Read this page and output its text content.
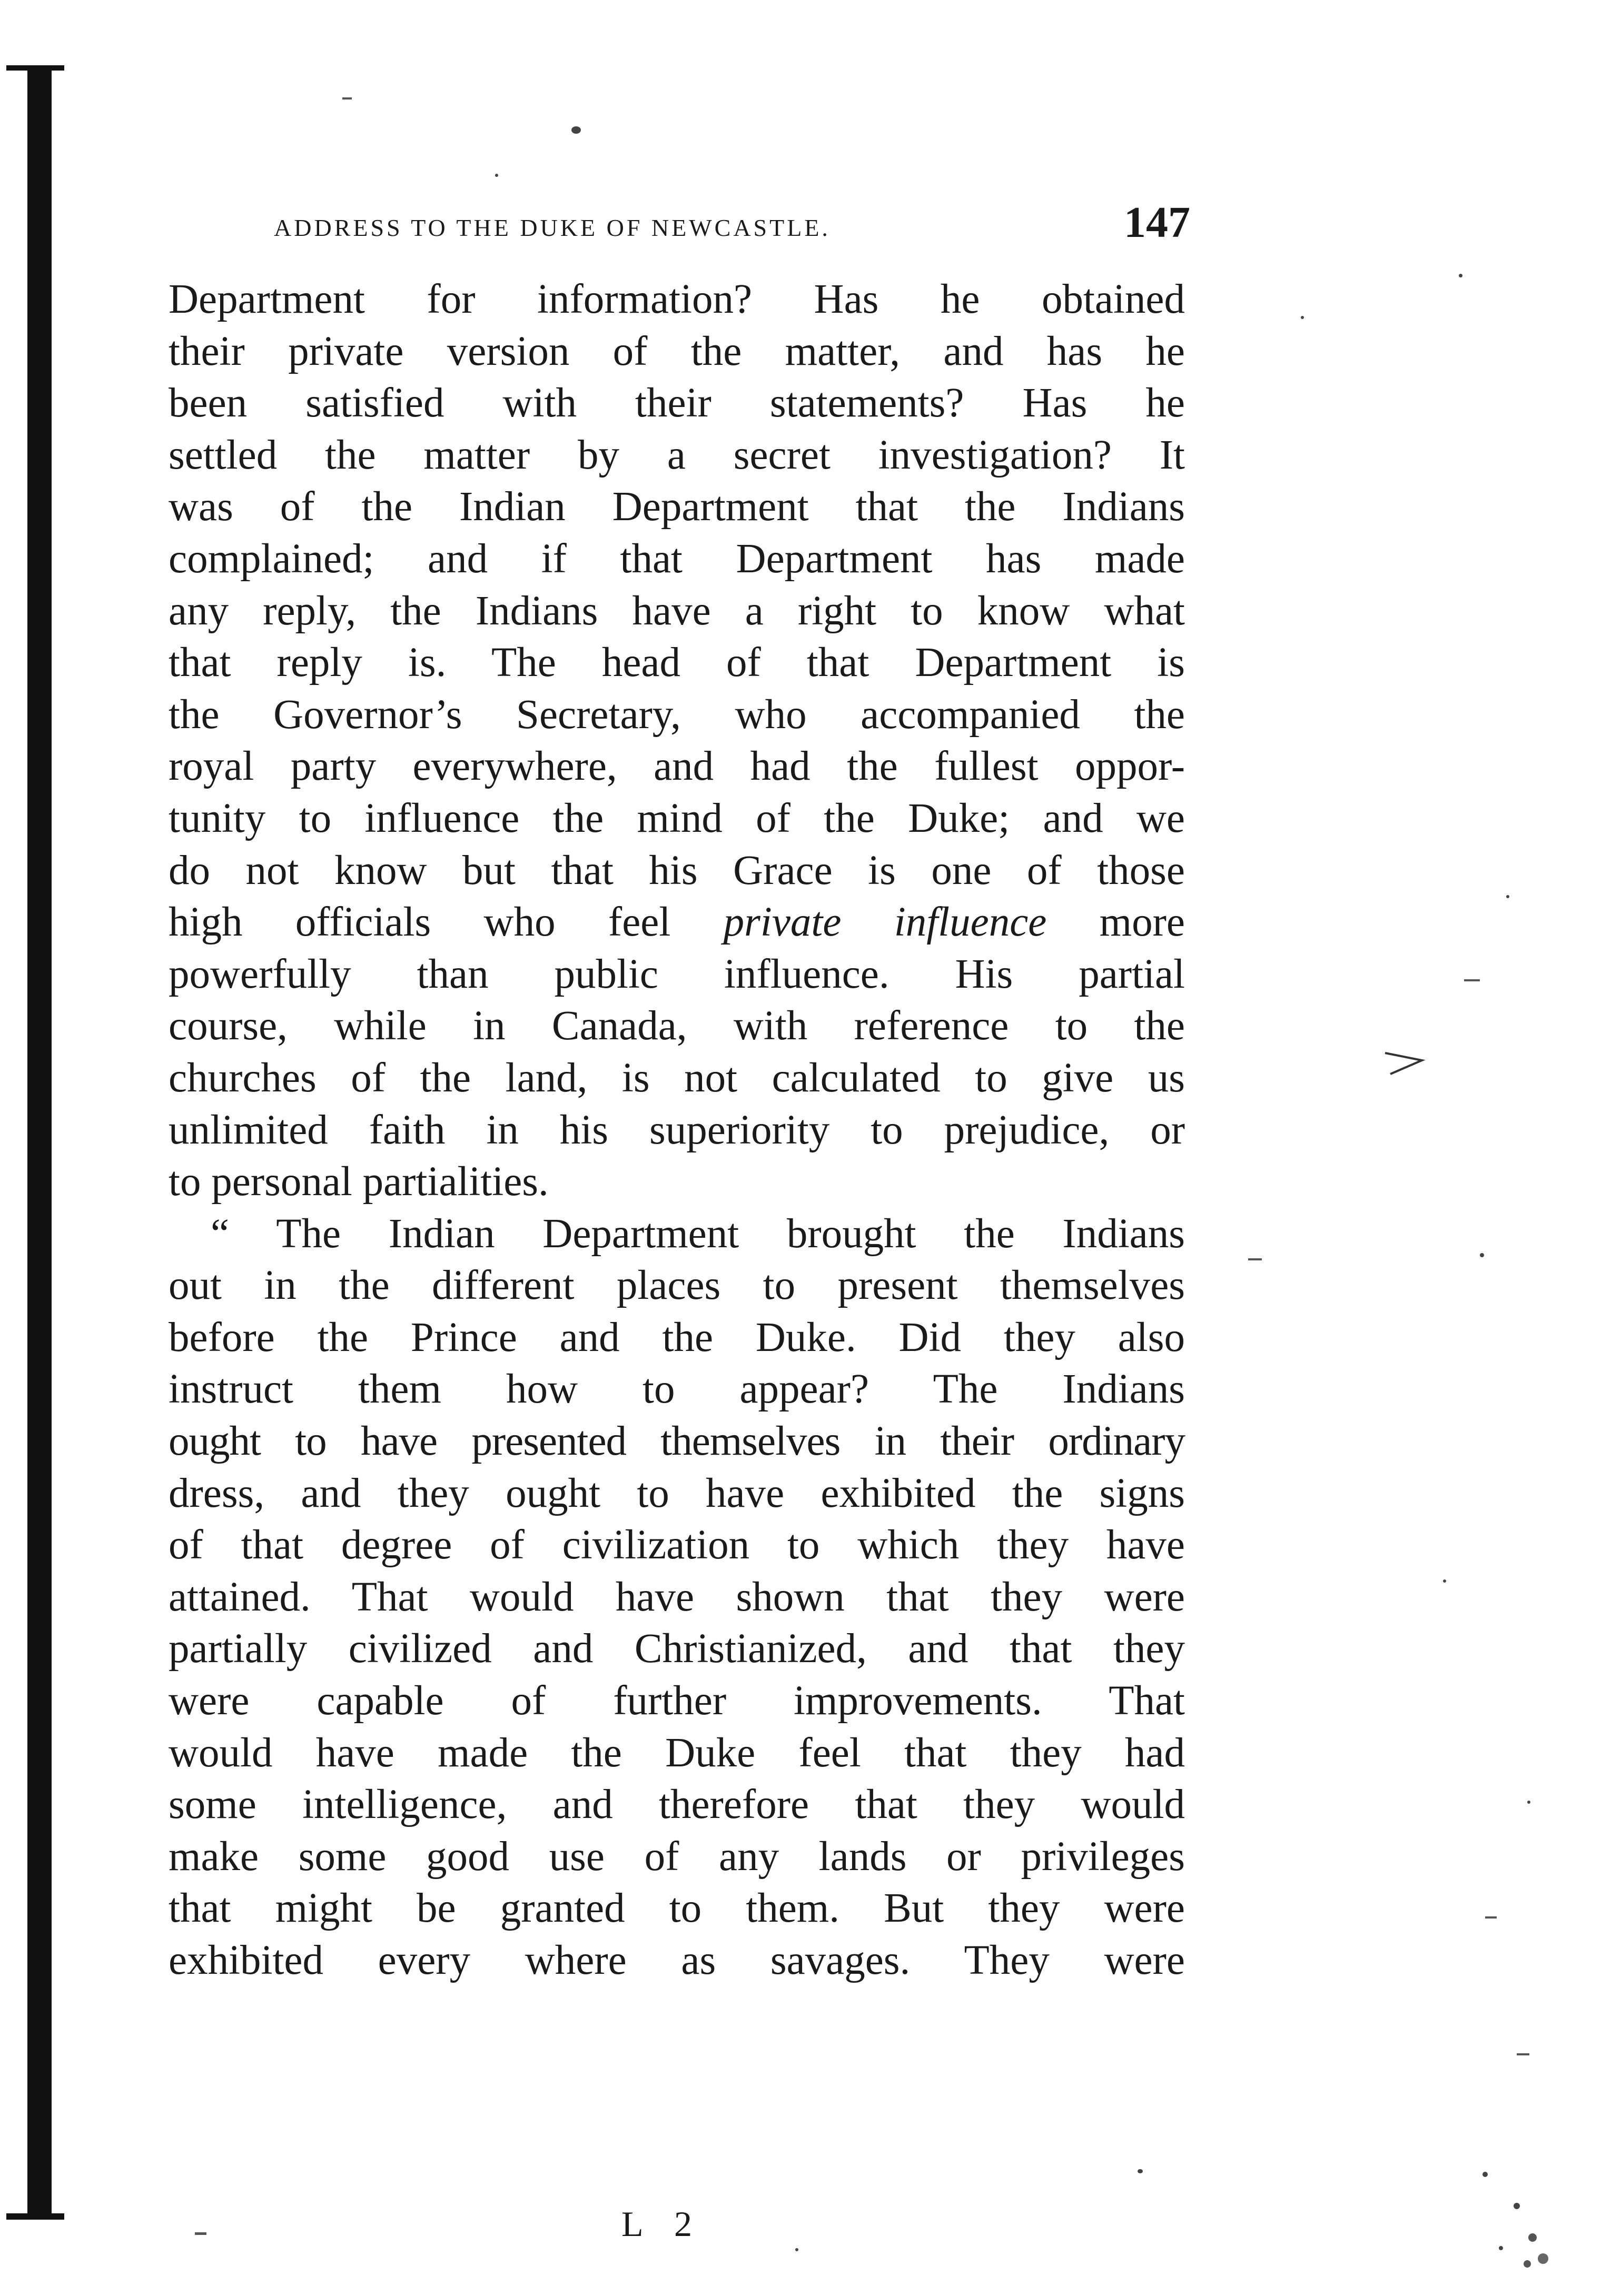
ADDRESS TO THE DUKE OF NEWCASTLE.	147
Department for information? Has he obtained
their private version of the matter, and has he
been satisfied with their statements? Has he
settled the matter by a secret investigation? It
was of the Indian Department that the Indians
complained; and if that Department has made
any reply, the Indians have a right to know what
that reply is. The head of that Department is
the Governor’s Secretary, who accompanied the
royal party everywhere, and had the fullest oppor-
tunity to influence the mind of the Duke; and we
do not know but that his Grace is one of those
high officials who feel private influence more
powerfully than public influence. His partial
course, while in Canada, with reference to the
churches of the land, is not calculated to give us
unlimited faith in his superiority to prejudice, or
to personal partialities.
“ The Indian Department brought the Indians
out in the different places to present themselves
before the Prince and the Duke. Did they also
instruct them how to appear? The Indians
ought to have presented themselves in their ordinary
dress, and they ought to have exhibited the signs
of that degree of civilization to which they have
attained. That would have shown that they were
partially civilized and Christianized, and that they
were capable of further improvements. That
would have made the Duke feel that they had
some intelligence, and therefore that they would
make some good use of any lands or privileges
that might be granted to them. But they were
exhibited every where as savages. They were
L 2
